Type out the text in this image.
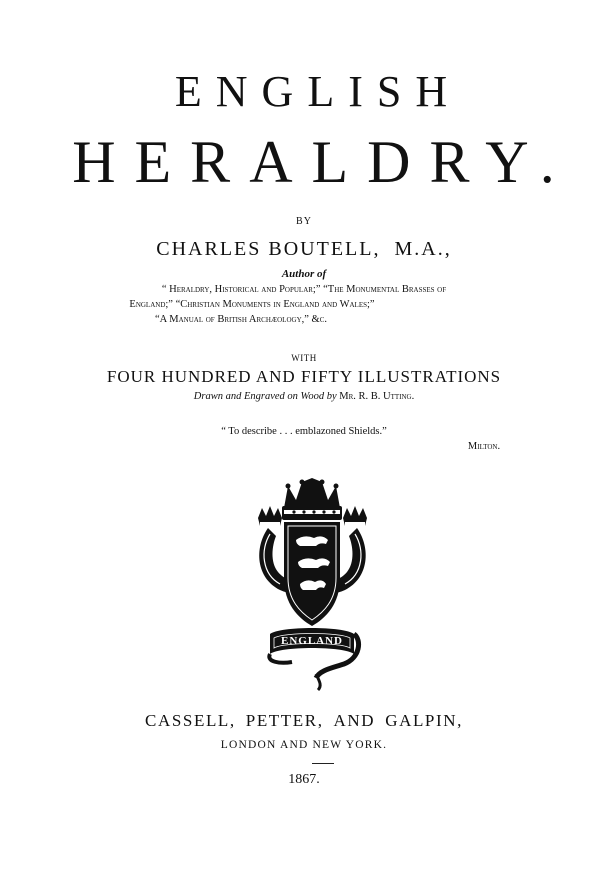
ENGLISH
HERALDRY.
BY
CHARLES BOUTELL, M.A.,
Author of
“ Heraldry, Historical and Popular;” “The Monumental Brasses of
England;” “Christian Monuments in England and Wales;”
“A Manual of British Archæology,” &c.
WITH
FOUR HUNDRED AND FIFTY ILLUSTRATIONS
Drawn and Engraved on Wood by Mr. R. B. Utting.
“ To describe . . . emblazoned Shields.”
Milton.
ENGLAND
CASSELL, PETTER, AND GALPIN,
LONDON AND NEW YORK.
1867.
